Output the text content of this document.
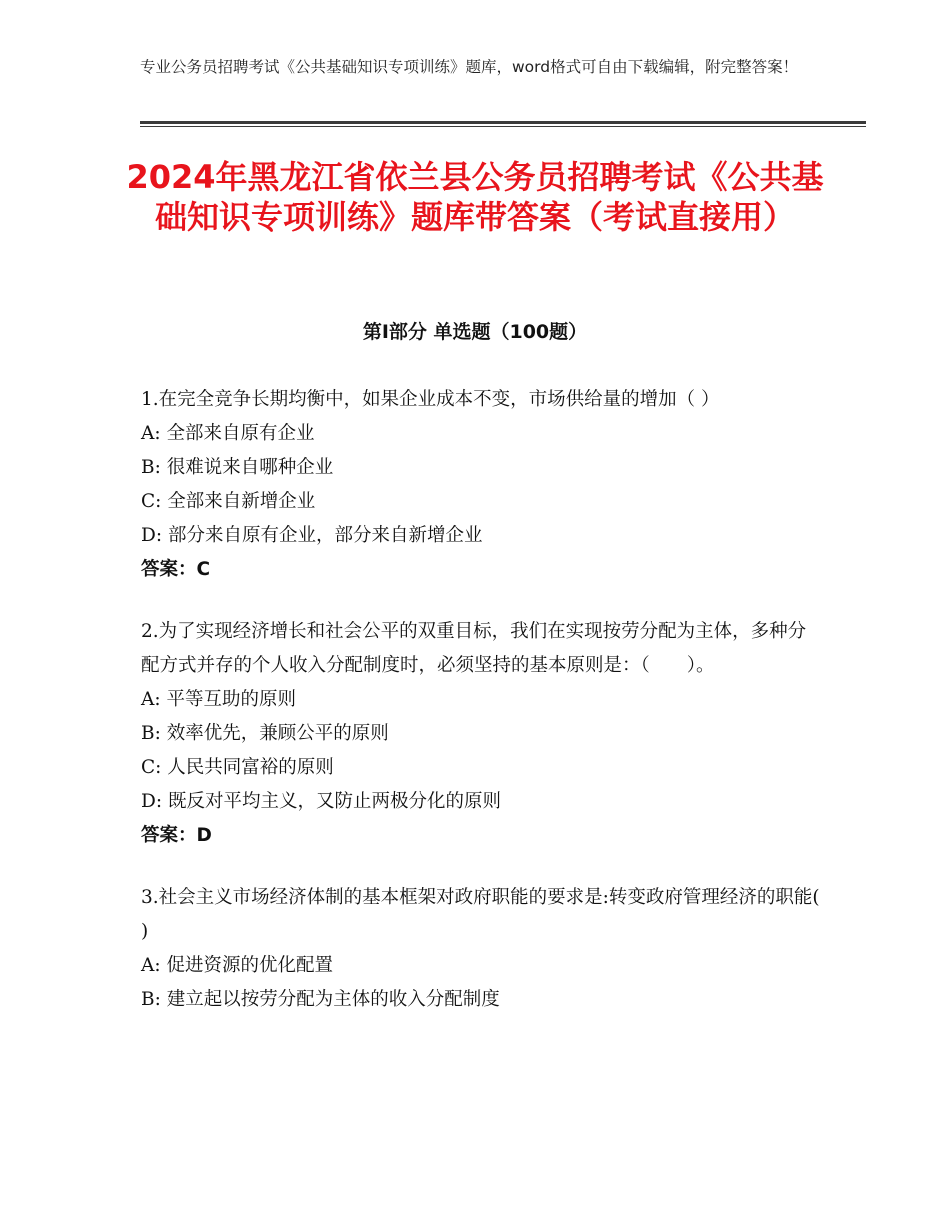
专业公务员招聘考试《公共基础知识专项训练》题库，word格式可自由下载编辑，附完整答案！
2024年黑龙江省依兰县公务员招聘考试《公共基础知识专项训练》题库带答案（考试直接用）
第I部分 单选题（100题）
1.在完全竞争长期均衡中，如果企业成本不变，市场供给量的增加（ ）
A: 全部来自原有企业
B: 很难说来自哪种企业
C: 全部来自新增企业
D: 部分来自原有企业，部分来自新增企业
答案：C
2.为了实现经济增长和社会公平的双重目标，我们在实现按劳分配为主体，多种分配方式并存的个人收入分配制度时，必须坚持的基本原则是：（　　）。
A: 平等互助的原则
B: 效率优先，兼顾公平的原则
C: 人民共同富裕的原则
D: 既反对平均主义，又防止两极分化的原则
答案：D
3.社会主义市场经济体制的基本框架对政府职能的要求是:转变政府管理经济的职能( )
A: 促进资源的优化配置
B: 建立起以按劳分配为主体的收入分配制度
